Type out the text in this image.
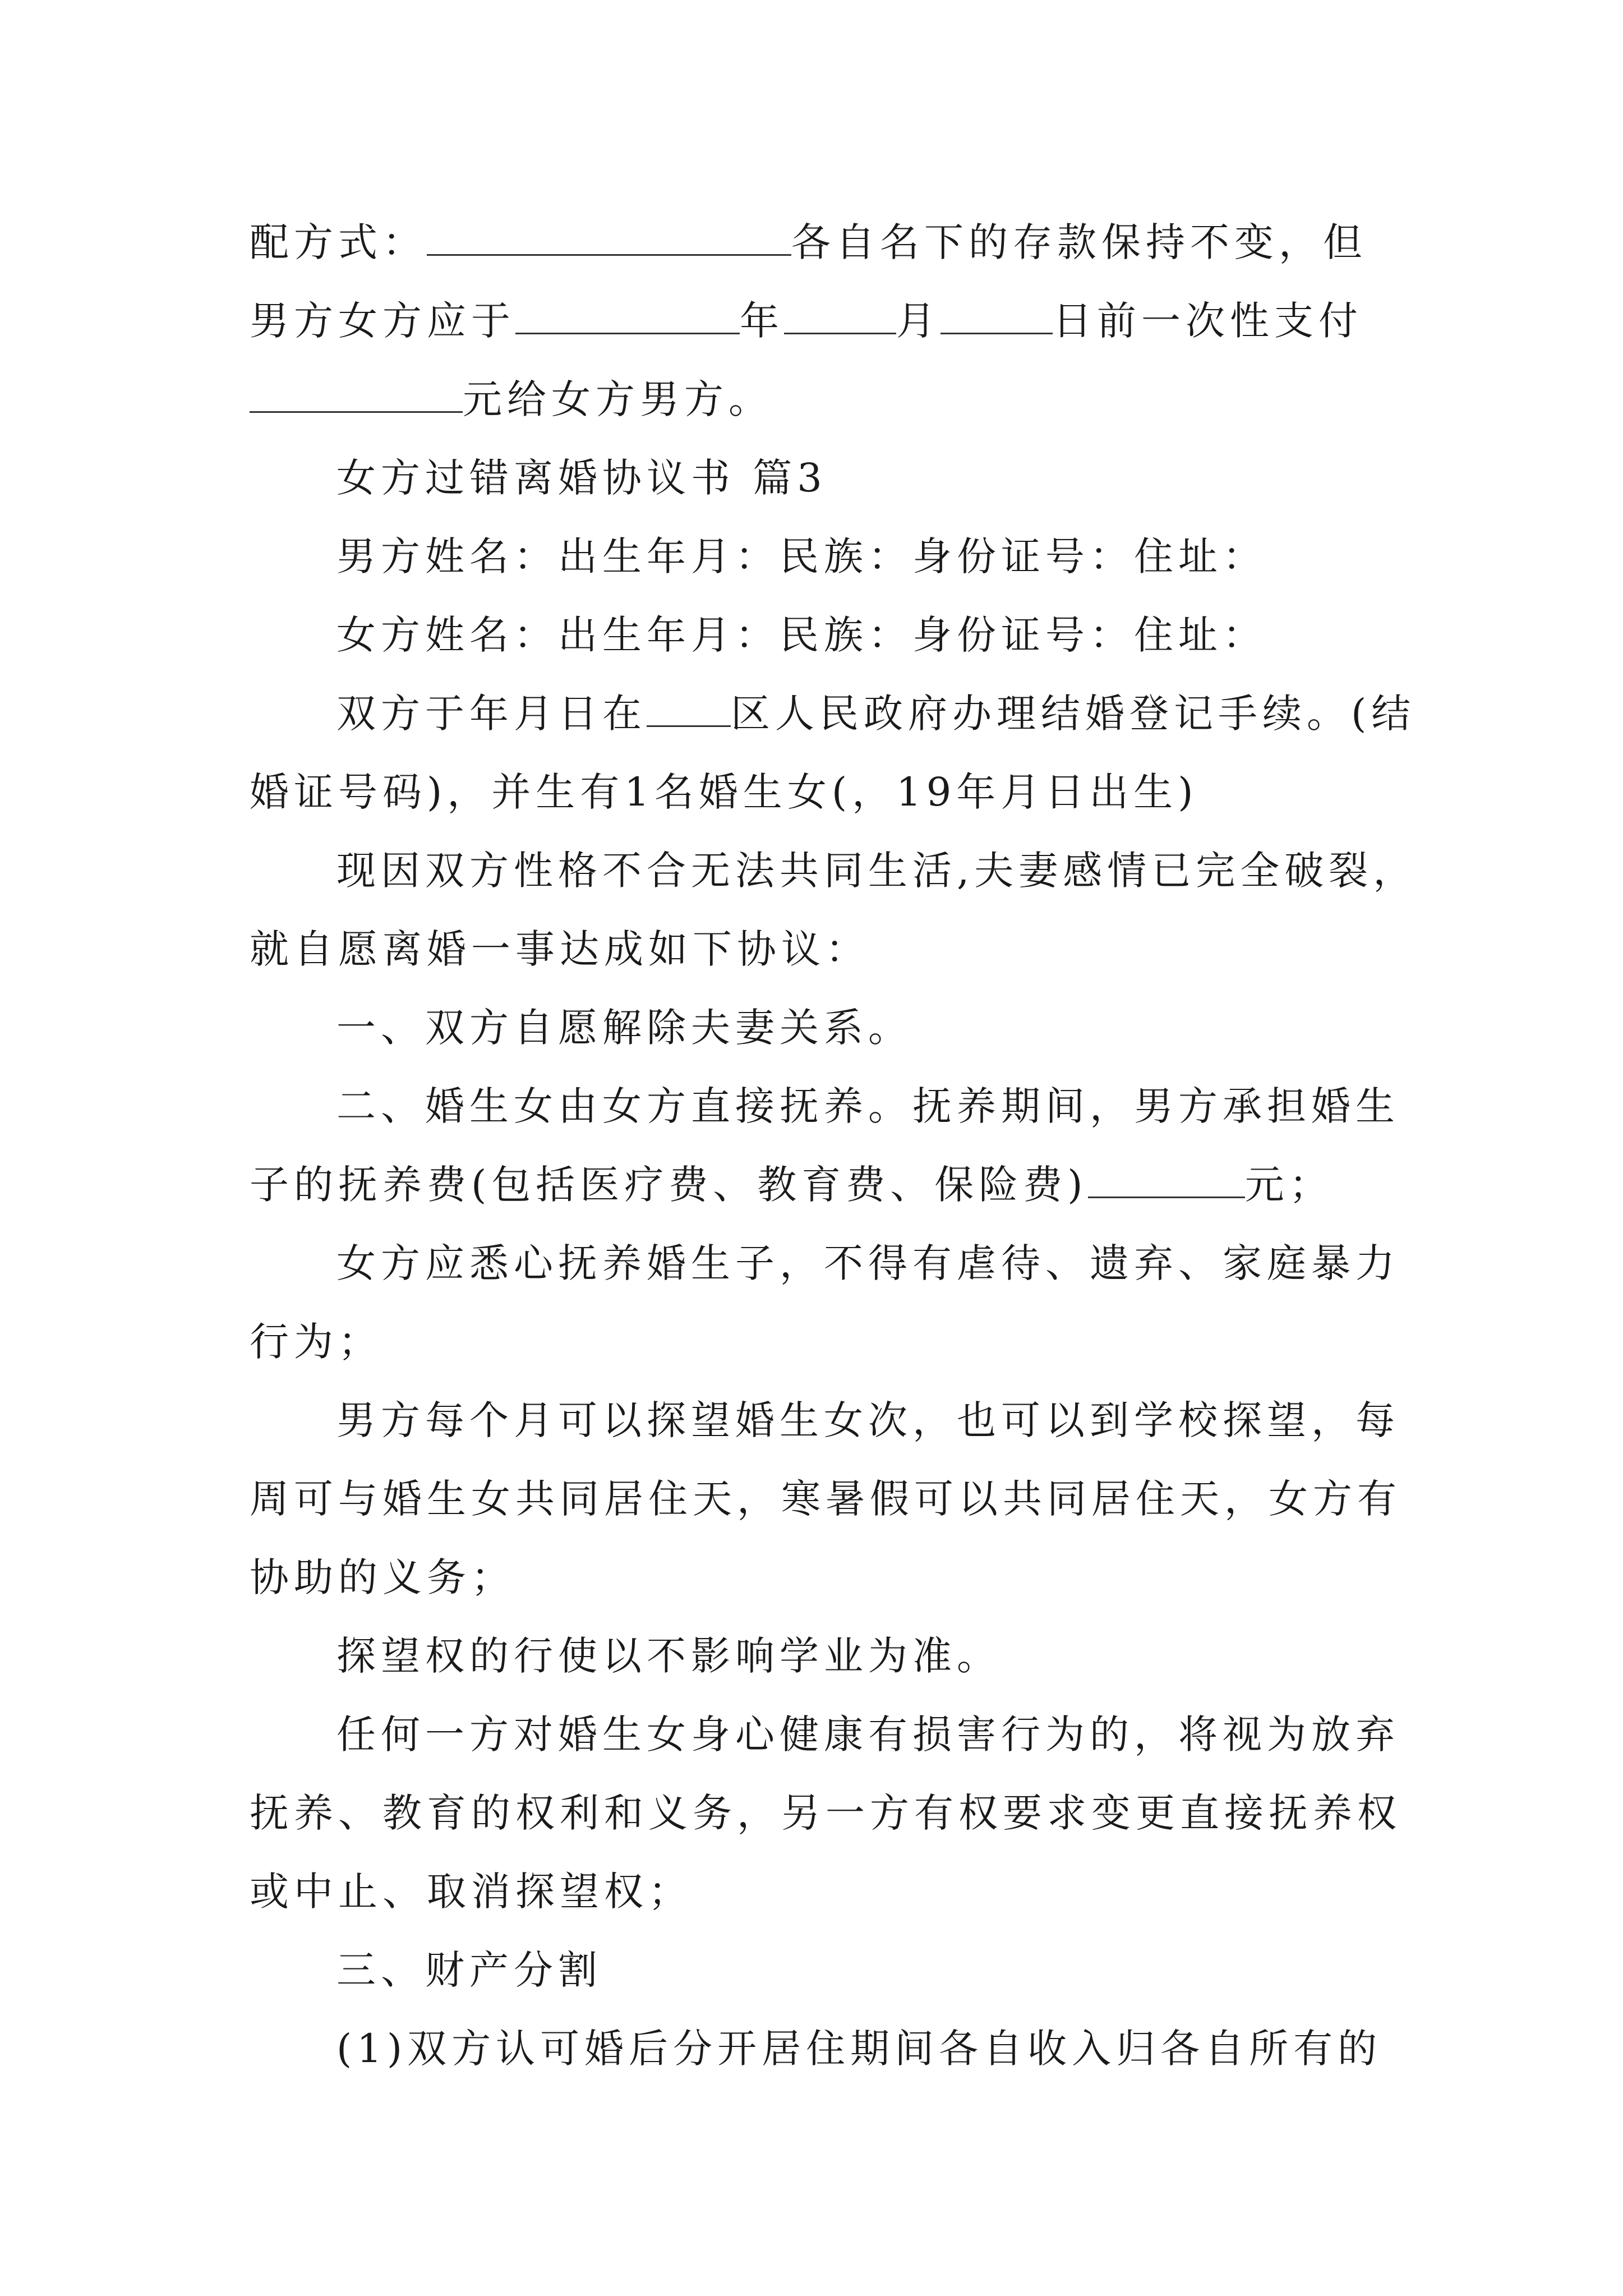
配方式：	各自名下的存款保持不变，但
男方女方应于	年	月	日前一次性支付
元给女方男方。
女方过错离婚协议书 篇3
男方姓名：出生年月：民族：身份证号：住址：
女方姓名：出生年月：民族：身份证号：住址：
双方于年月日在 区人民政府办理结婚登记手续。(结
婚证号码)，并生有1名婚生女(，19年月日出生)
现因双方性格不合无法共同生活,夫妻感情已完全破裂，
就自愿离婚一事达成如下协议：
一、双方自愿解除夫妻关系。
二、婚生女由女方直接抚养。抚养期间，男方承担婚生
子的抚养费(包括医疗费、教育费、保险费)	元；
女方应悉心抚养婚生子，不得有虐待、遗弃、家庭暴力
行为；
男方每个月可以探望婚生女次，也可以到学校探望，每
周可与婚生女共同居住天，寒暑假可以共同居住天，女方有
协助的义务；
探望权的行使以不影响学业为准。
任何一方对婚生女身心健康有损害行为的，将视为放弃
抚养、教育的权利和义务，另一方有权要求变更直接抚养权
或中止、取消探望权；
三、财产分割
(1)双方认可婚后分开居住期间各自收入归各自所有的
